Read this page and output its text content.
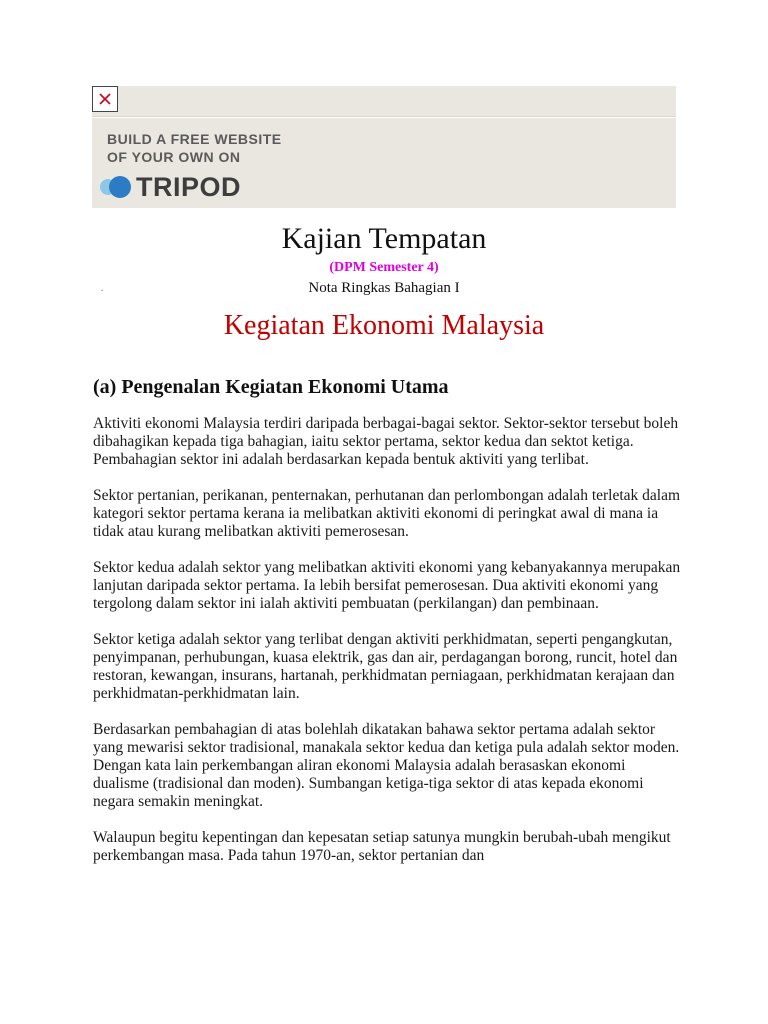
BUILD A FREE WEBSITE
OF YOUR OWN ON
TRIPOD
Kajian Tempatan
(DPM Semester 4)
Nota Ringkas Bahagian I
.
Kegiatan Ekonomi Malaysia
(a) Pengenalan Kegiatan Ekonomi Utama

Aktiviti ekonomi Malaysia terdiri daripada berbagai-bagai sektor. Sektor-sektor tersebut boleh dibahagikan kepada tiga bahagian, iaitu sektor pertama, sektor kedua dan sektot ketiga. Pembahagian sektor ini adalah berdasarkan kepada bentuk aktiviti yang terlibat.

Sektor pertanian, perikanan, penternakan, perhutanan dan perlombongan adalah terletak dalam kategori sektor pertama kerana ia melibatkan aktiviti ekonomi di peringkat awal di mana ia tidak atau kurang melibatkan aktiviti pemerosesan.

Sektor kedua adalah sektor yang melibatkan aktiviti ekonomi yang kebanyakannya merupakan lanjutan daripada sektor pertama. Ia lebih bersifat pemerosesan. Dua aktiviti ekonomi yang tergolong dalam sektor ini ialah aktiviti pembuatan (perkilangan) dan pembinaan.

Sektor ketiga adalah sektor yang terlibat dengan aktiviti perkhidmatan, seperti pengangkutan, penyimpanan, perhubungan, kuasa elektrik, gas dan air, perdagangan borong, runcit, hotel dan restoran, kewangan, insurans, hartanah, perkhidmatan perniagaan, perkhidmatan kerajaan dan perkhidmatan-perkhidmatan lain.

Berdasarkan pembahagian di atas bolehlah dikatakan bahawa sektor pertama adalah sektor yang mewarisi sektor tradisional, manakala sektor kedua dan ketiga pula adalah sektor moden. Dengan kata lain perkembangan aliran ekonomi Malaysia adalah berasaskan ekonomi dualisme (tradisional dan moden). Sumbangan ketiga-tiga sektor di atas kepada ekonomi negara semakin meningkat.

Walaupun begitu kepentingan dan kepesatan setiap satunya mungkin berubah-ubah mengikut perkembangan masa. Pada tahun 1970-an, sektor pertanian dan
